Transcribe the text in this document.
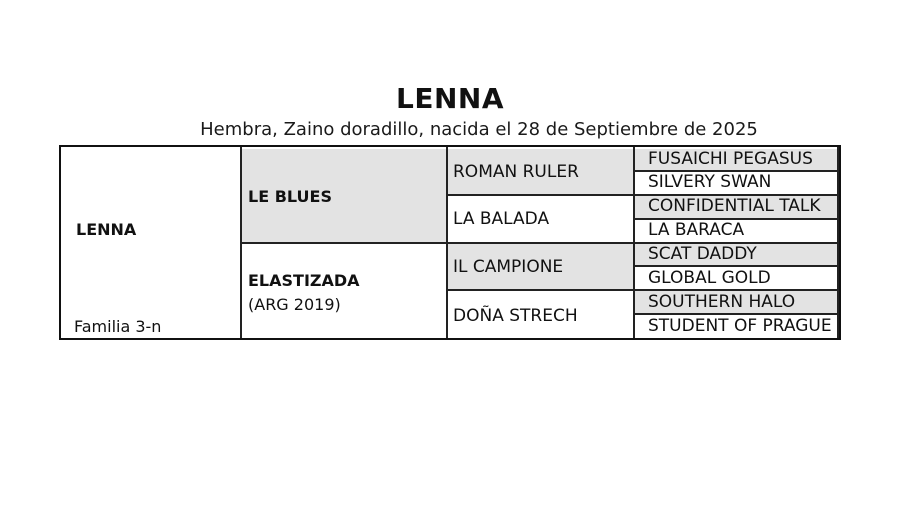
LENNA
Hembra, Zaino doradillo, nacida el 28 de Septiembre de 2025
LENNA
Familia 3-n
LE BLUES
ELASTIZADA
(ARG 2019)
ROMAN RULER
LA BALADA
IL CAMPIONE
DOÑA STRECH
FUSAICHI PEGASUS
SILVERY SWAN
CONFIDENTIAL TALK
LA BARACA
SCAT DADDY
GLOBAL GOLD
SOUTHERN HALO
STUDENT OF PRAGUE
